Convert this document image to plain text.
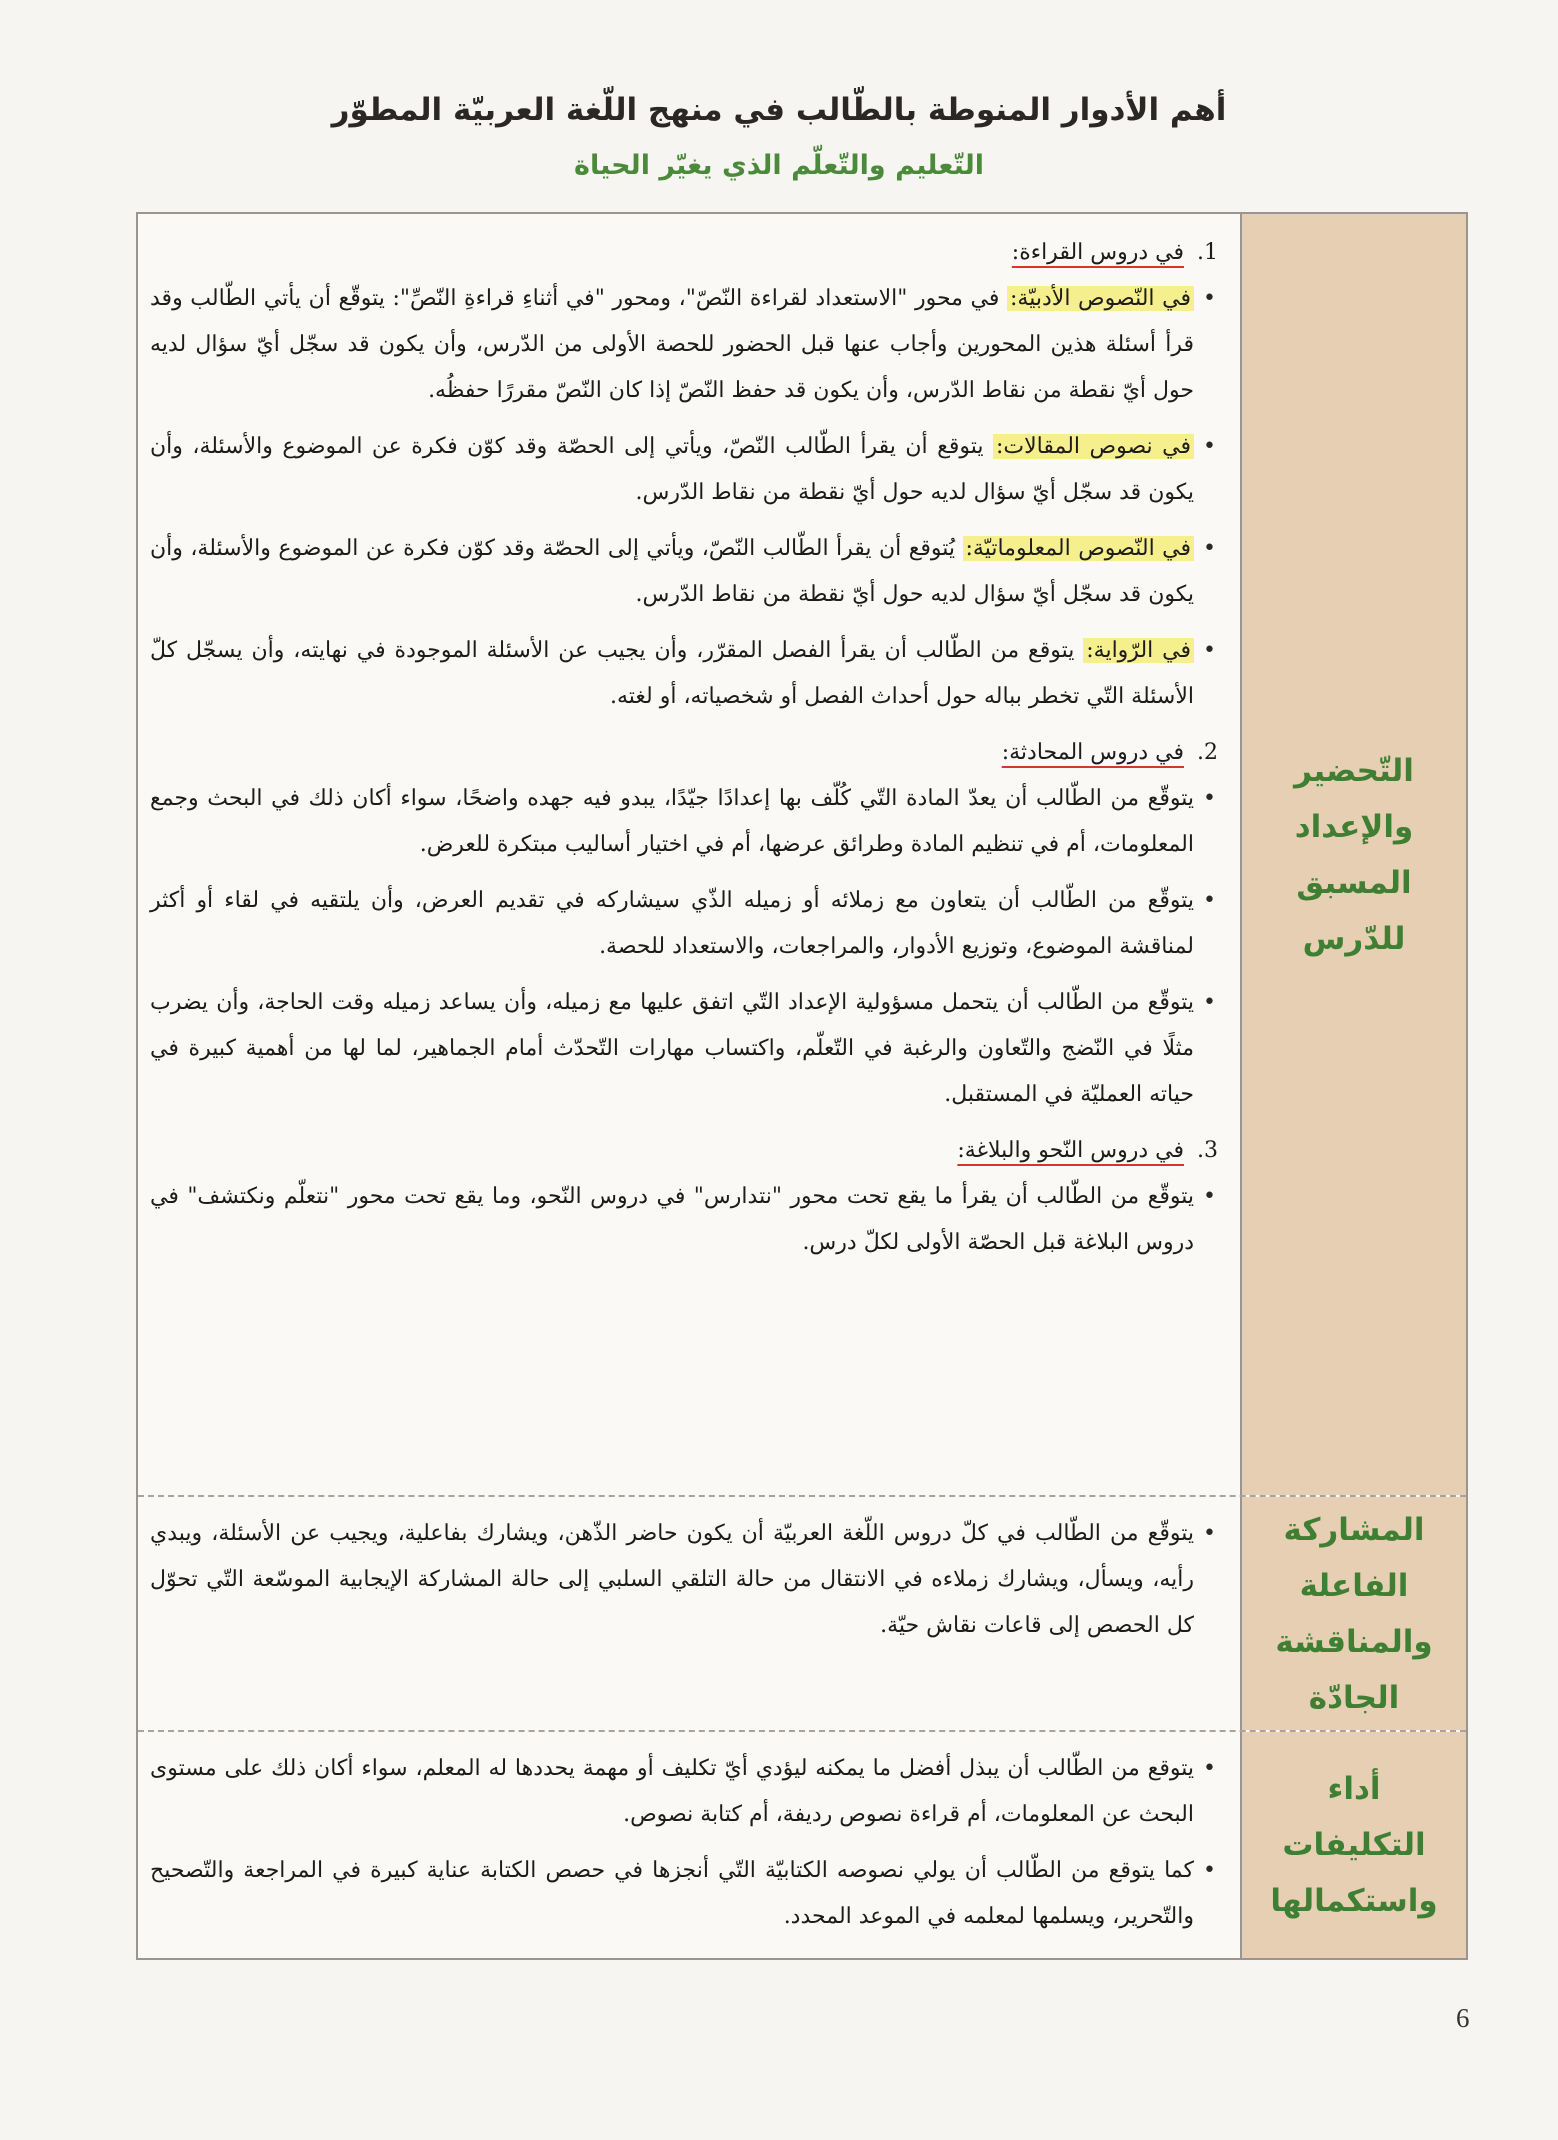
أهم الأدوار المنوطة بالطّالب في منهج اللّغة العربيّة المطوّر
التّعليم والتّعلّم الذي يغيّر الحياة
التّحضير
والإعداد
المسبق
للدّرس
1. في دروس القراءة:
• في النّصوص الأدبيّة: في محور "الاستعداد لقراءة النّصّ"، ومحور "في أثناءِ قراءةِ النّصِّ": يتوقّع أن يأتي الطّالب وقد قرأ أسئلة هذين المحورين وأجاب عنها قبل الحضور للحصة الأولى من الدّرس، وأن يكون قد سجّل أيّ سؤال لديه حول أيّ نقطة من نقاط الدّرس، وأن يكون قد حفظ النّصّ إذا كان النّصّ مقررًا حفظُه.
• في نصوص المقالات: يتوقع أن يقرأ الطّالب النّصّ، ويأتي إلى الحصّة وقد كوّن فكرة عن الموضوع والأسئلة، وأن يكون قد سجّل أيّ سؤال لديه حول أيّ نقطة من نقاط الدّرس.
• في النّصوص المعلوماتيّة: يُتوقع أن يقرأ الطّالب النّصّ، ويأتي إلى الحصّة وقد كوّن فكرة عن الموضوع والأسئلة، وأن يكون قد سجّل أيّ سؤال لديه حول أيّ نقطة من نقاط الدّرس.
• في الرّواية: يتوقع من الطّالب أن يقرأ الفصل المقرّر، وأن يجيب عن الأسئلة الموجودة في نهايته، وأن يسجّل كلّ الأسئلة التّي تخطر بباله حول أحداث الفصل أو شخصياته، أو لغته.
2. في دروس المحادثة:
• يتوقّع من الطّالب أن يعدّ المادة التّي كُلّف بها إعدادًا جيّدًا، يبدو فيه جهده واضحًا، سواء أكان ذلك في البحث وجمع المعلومات، أم في تنظيم المادة وطرائق عرضها، أم في اختيار أساليب مبتكرة للعرض.
• يتوقّع من الطّالب أن يتعاون مع زملائه أو زميله الذّي سيشاركه في تقديم العرض، وأن يلتقيه في لقاء أو أكثر لمناقشة الموضوع، وتوزيع الأدوار، والمراجعات، والاستعداد للحصة.
• يتوقّع من الطّالب أن يتحمل مسؤولية الإعداد التّي اتفق عليها مع زميله، وأن يساعد زميله وقت الحاجة، وأن يضرب مثلًا في النّضج والتّعاون والرغبة في التّعلّم، واكتساب مهارات التّحدّث أمام الجماهير، لما لها من أهمية كبيرة في حياته العمليّة في المستقبل.
3. في دروس النّحو والبلاغة:
• يتوقّع من الطّالب أن يقرأ ما يقع تحت محور "نتدارس" في دروس النّحو، وما يقع تحت محور "نتعلّم ونكتشف" في دروس البلاغة قبل الحصّة الأولى لكلّ درس.
المشاركة
الفاعلة
والمناقشة
الجادّة
• يتوقّع من الطّالب في كلّ دروس اللّغة العربيّة أن يكون حاضر الذّهن، ويشارك بفاعلية، ويجيب عن الأسئلة، ويبدي رأيه، ويسأل، ويشارك زملاءه في الانتقال من حالة التلقي السلبي إلى حالة المشاركة الإيجابية الموسّعة التّي تحوّل كل الحصص إلى قاعات نقاش حيّة.
أداء
التكليفات
واستكمالها
• يتوقع من الطّالب أن يبذل أفضل ما يمكنه ليؤدي أيّ تكليف أو مهمة يحددها له المعلم، سواء أكان ذلك على مستوى البحث عن المعلومات، أم قراءة نصوص رديفة، أم كتابة نصوص.
• كما يتوقع من الطّالب أن يولي نصوصه الكتابيّة التّي أنجزها في حصص الكتابة عناية كبيرة في المراجعة والتّصحيح والتّحرير، ويسلمها لمعلمه في الموعد المحدد.
6
